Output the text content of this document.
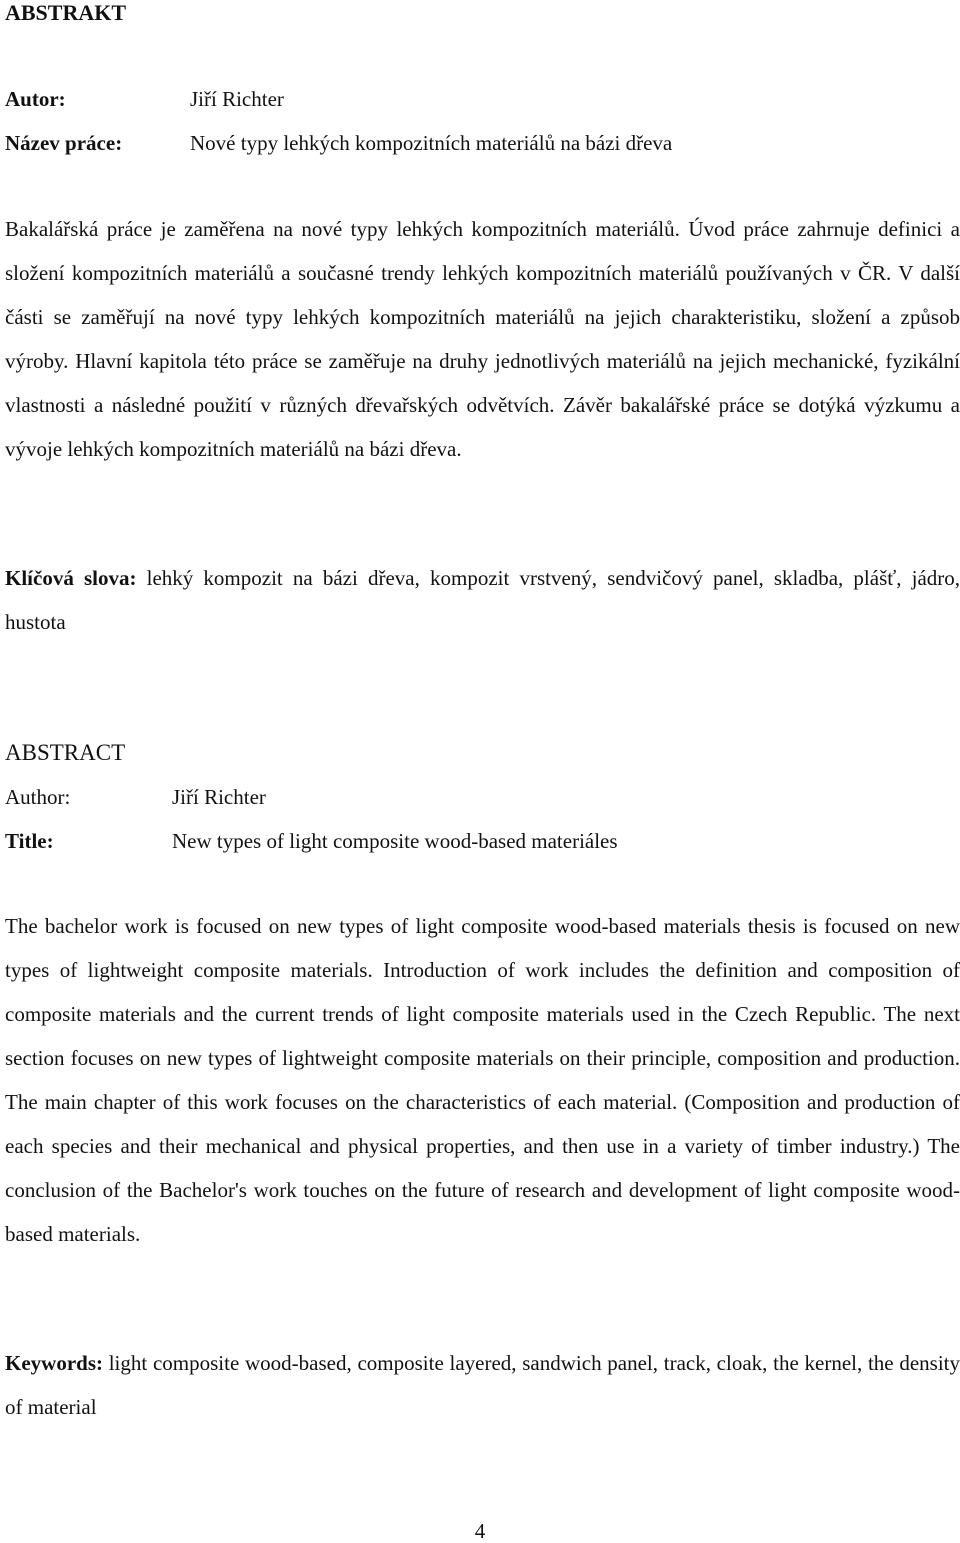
ABSTRAKT
Autor:	Jiří Richter
Název práce:	Nové typy lehkých kompozitních materiálů na bázi dřeva

Bakalářská práce je zaměřena na nové typy lehkých kompozitních materiálů. Úvod práce zahrnuje definici a složení kompozitních materiálů a současné trendy lehkých kompozitních materiálů používaných v ČR. V další části se zaměřují na nové typy lehkých kompozitních materiálů na jejich charakteristiku, složení a způsob výroby. Hlavní kapitola této práce se zaměřuje na druhy jednotlivých materiálů na jejich mechanické, fyzikální vlastnosti a následné použití v různých dřevařských odvětvích. Závěr bakalářské práce se dotýká výzkumu a vývoje lehkých kompozitních materiálů na bázi dřeva.

Klíčová slova: lehký kompozit na bázi dřeva, kompozit vrstvený, sendvičový panel, skladba, plášť, jádro, hustota

ABSTRACT
Author:	Jiří Richter
Title:	New types of light composite wood-based materiáles

The bachelor work is focused on new types of light composite wood-based materials thesis is focused on new types of lightweight composite materials. Introduction of work includes the definition and composition of composite materials and the current trends of light composite materials used in the Czech Republic. The next section focuses on new types of lightweight composite materials on their principle, composition and production. The main chapter of this work focuses on the characteristics of each material. (Composition and production of each species and their mechanical and physical properties, and then use in a variety of timber industry.) The conclusion of the Bachelor's work touches on the future of research and development of light composite wood-based materials.

Keywords: light composite wood-based, composite layered, sandwich panel, track, cloak, the kernel, the density of material

4
